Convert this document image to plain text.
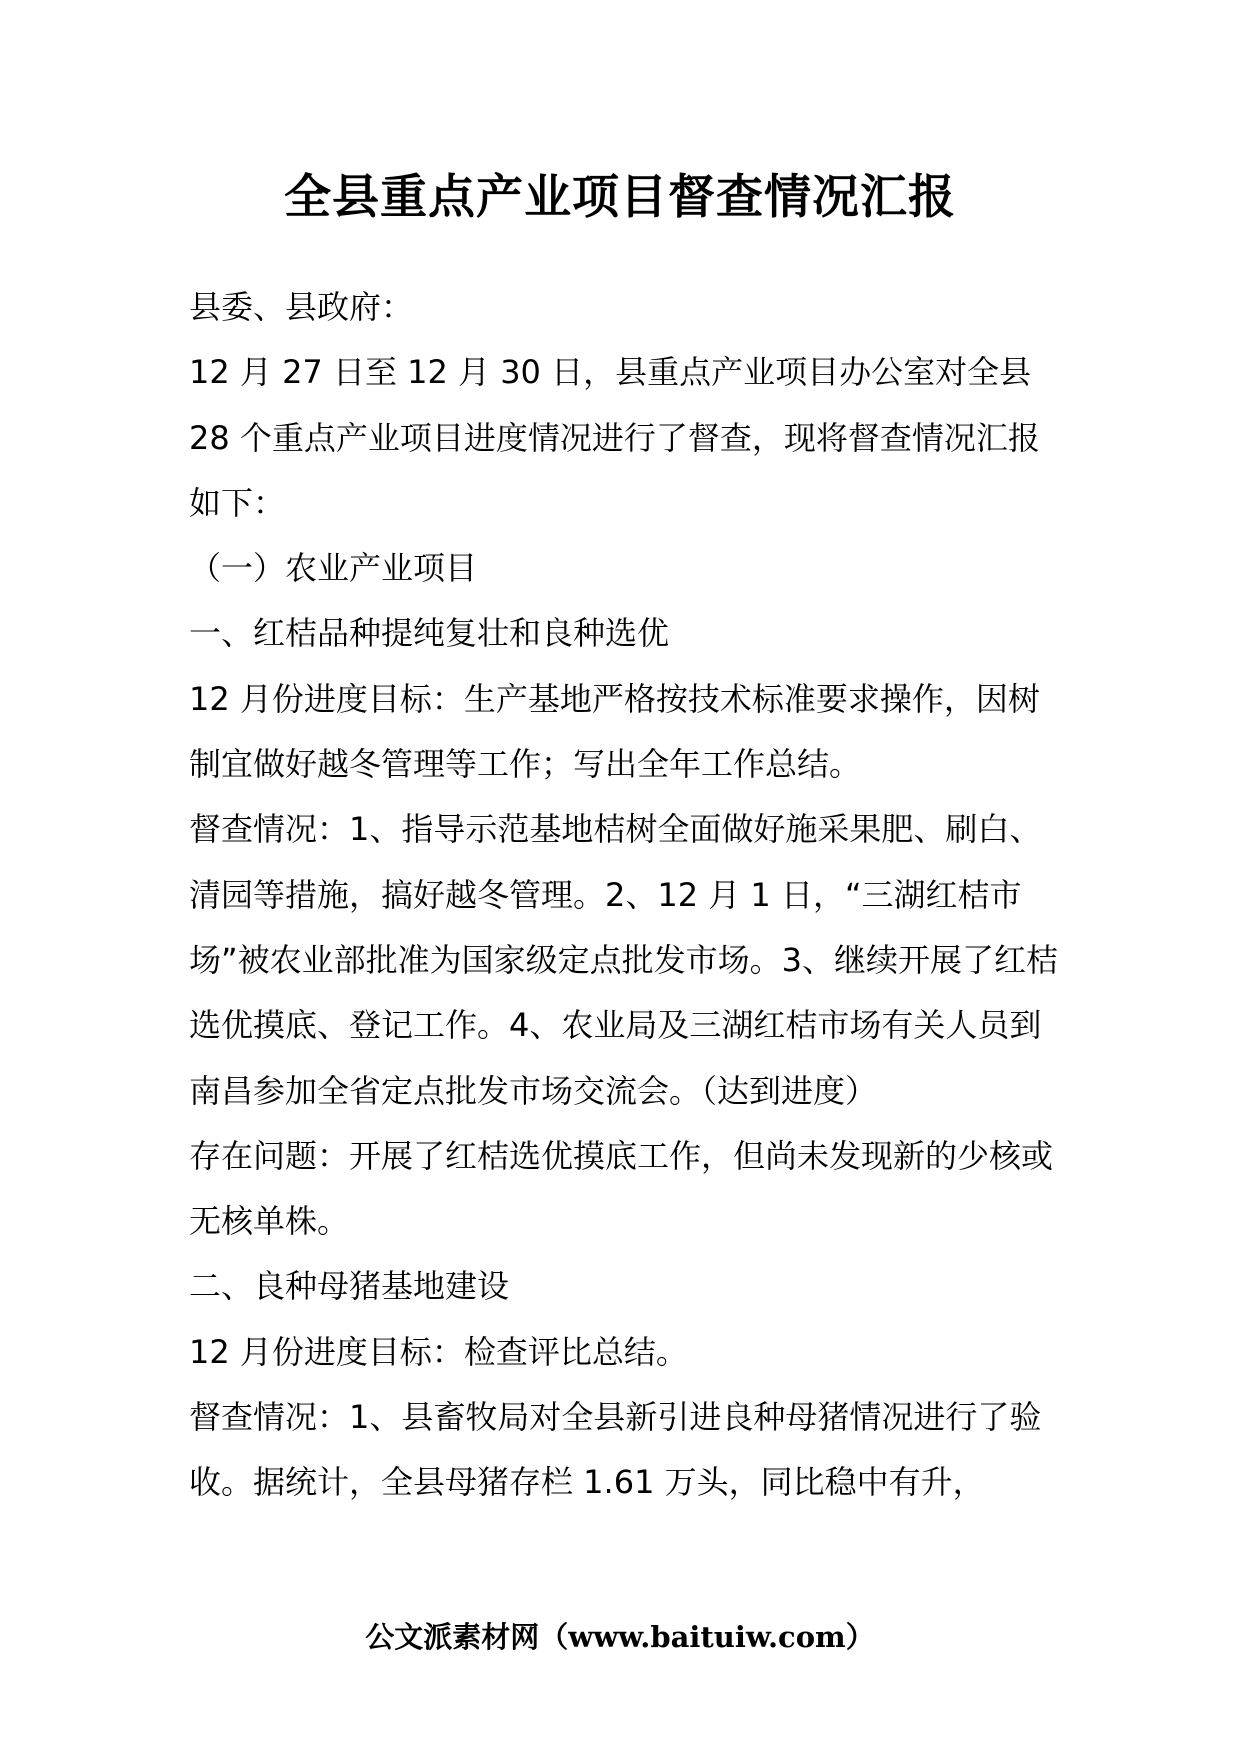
全县重点产业项目督查情况汇报

县委、县政府：

12 月 27 日至 12 月 30 日，县重点产业项目办公室对全县 28 个重点产业项目进度情况进行了督查，现将督查情况汇报如下：

（一）农业产业项目

一、红桔品种提纯复壮和良种选优

12 月份进度目标：生产基地严格按技术标准要求操作，因树制宜做好越冬管理等工作；写出全年工作总结。

督查情况：1、指导示范基地桔树全面做好施采果肥、刷白、清园等措施，搞好越冬管理。2、12 月 1 日，“三湖红桔市场”被农业部批准为国家级定点批发市场。3、继续开展了红桔选优摸底、登记工作。4、农业局及三湖红桔市场有关人员到南昌参加全省定点批发市场交流会。（达到进度）

存在问题：开展了红桔选优摸底工作，但尚未发现新的少核或无核单株。

二、良种母猪基地建设

12 月份进度目标：检查评比总结。

督查情况：1、县畜牧局对全县新引进良种母猪情况进行了验收。据统计，全县母猪存栏 1.61 万头，同比稳中有升，

公文派素材网（www.baituiw.com）
